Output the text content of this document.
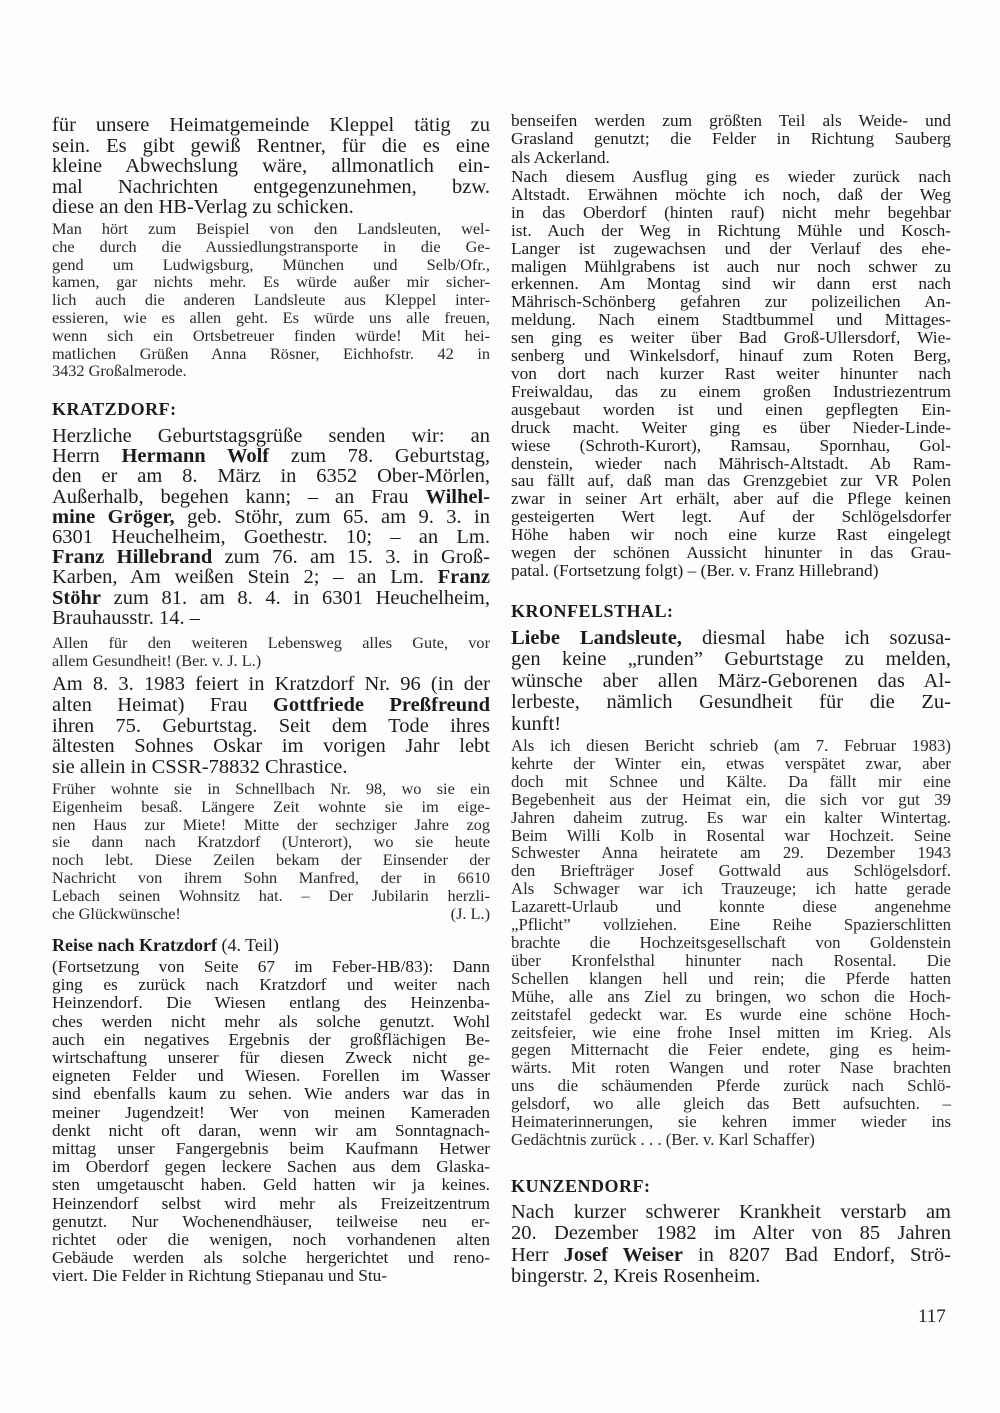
für unsere Heimatgemeinde Kleppel tätig zu
sein. Es gibt gewiß Rentner, für die es eine
kleine Abwechslung wäre, allmonatlich ein-
mal Nachrichten entgegenzunehmen, bzw.
diese an den HB-Verlag zu schicken.
Man hört zum Beispiel von den Landsleuten, wel-
che durch die Aussiedlungstransporte in die Ge-
gend um Ludwigsburg, München und Selb/Ofr.,
kamen, gar nichts mehr. Es würde außer mir sicher-
lich auch die anderen Landsleute aus Kleppel inter-
essieren, wie es allen geht. Es würde uns alle freuen,
wenn sich ein Ortsbetreuer finden würde! Mit hei-
matlichen Grüßen Anna Rösner, Eichhofstr. 42 in
3432 Großalmerode.
KRATZDORF:
Herzliche Geburtstagsgrüße senden wir: an
Herrn Hermann Wolf zum 78. Geburtstag,
den er am 8. März in 6352 Ober-Mörlen,
Außerhalb, begehen kann; – an Frau Wilhel-
mine Gröger, geb. Stöhr, zum 65. am 9. 3. in
6301 Heuchelheim, Goethestr. 10; – an Lm.
Franz Hillebrand zum 76. am 15. 3. in Groß-
Karben, Am weißen Stein 2; – an Lm. Franz
Stöhr zum 81. am 8. 4. in 6301 Heuchelheim,
Brauhausstr. 14. –
Allen für den weiteren Lebensweg alles Gute, vor
allem Gesundheit! (Ber. v. J. L.)
Am 8. 3. 1983 feiert in Kratzdorf Nr. 96 (in der
alten Heimat) Frau Gottfriede Preßfreund
ihren 75. Geburtstag. Seit dem Tode ihres
ältesten Sohnes Oskar im vorigen Jahr lebt
sie allein in CSSR-78832 Chrastice.
Früher wohnte sie in Schnellbach Nr. 98, wo sie ein
Eigenheim besaß. Längere Zeit wohnte sie im eige-
nen Haus zur Miete! Mitte der sechziger Jahre zog
sie dann nach Kratzdorf (Unterort), wo sie heute
noch lebt. Diese Zeilen bekam der Einsender der
Nachricht von ihrem Sohn Manfred, der in 6610
Lebach seinen Wohnsitz hat. – Der Jubilarin herzli-
che Glückwünsche!	(J. L.)
Reise nach Kratzdorf (4. Teil)
(Fortsetzung von Seite 67 im Feber-HB/83): Dann
ging es zurück nach Kratzdorf und weiter nach
Heinzendorf. Die Wiesen entlang des Heinzenba-
ches werden nicht mehr als solche genutzt. Wohl
auch ein negatives Ergebnis der großflächigen Be-
wirtschaftung unserer für diesen Zweck nicht ge-
eigneten Felder und Wiesen. Forellen im Wasser
sind ebenfalls kaum zu sehen. Wie anders war das in
meiner Jugendzeit! Wer von meinen Kameraden
denkt nicht oft daran, wenn wir am Sonntagnach-
mittag unser Fangergebnis beim Kaufmann Hetwer
im Oberdorf gegen leckere Sachen aus dem Glaska-
sten umgetauscht haben. Geld hatten wir ja keines.
Heinzendorf selbst wird mehr als Freizeitzentrum
genutzt. Nur Wochenendhäuser, teilweise neu er-
richtet oder die wenigen, noch vorhandenen alten
Gebäude werden als solche hergerichtet und reno-
viert. Die Felder in Richtung Stiepanau und Stu-
benseifen werden zum größten Teil als Weide- und
Grasland genutzt; die Felder in Richtung Sauberg
als Ackerland.
Nach diesem Ausflug ging es wieder zurück nach
Altstadt. Erwähnen möchte ich noch, daß der Weg
in das Oberdorf (hinten rauf) nicht mehr begehbar
ist. Auch der Weg in Richtung Mühle und Kosch-
Langer ist zugewachsen und der Verlauf des ehe-
maligen Mühlgrabens ist auch nur noch schwer zu
erkennen. Am Montag sind wir dann erst nach
Mährisch-Schönberg gefahren zur polizeilichen An-
meldung. Nach einem Stadtbummel und Mittages-
sen ging es weiter über Bad Groß-Ullersdorf, Wie-
senberg und Winkelsdorf, hinauf zum Roten Berg,
von dort nach kurzer Rast weiter hinunter nach
Freiwaldau, das zu einem großen Industriezentrum
ausgebaut worden ist und einen gepflegten Ein-
druck macht. Weiter ging es über Nieder-Linde-
wiese (Schroth-Kurort), Ramsau, Spornhau, Gol-
denstein, wieder nach Mährisch-Altstadt. Ab Ram-
sau fällt auf, daß man das Grenzgebiet zur VR Polen
zwar in seiner Art erhält, aber auf die Pflege keinen
gesteigerten Wert legt. Auf der Schlögelsdorfer
Höhe haben wir noch eine kurze Rast eingelegt
wegen der schönen Aussicht hinunter in das Grau-
patal. (Fortsetzung folgt) – (Ber. v. Franz Hillebrand)
KRONFELSTHAL:
Liebe Landsleute, diesmal habe ich sozusa-
gen keine „runden” Geburtstage zu melden,
wünsche aber allen März-Geborenen das Al-
lerbeste, nämlich Gesundheit für die Zu-
kunft!
Als ich diesen Bericht schrieb (am 7. Februar 1983)
kehrte der Winter ein, etwas verspätet zwar, aber
doch mit Schnee und Kälte. Da fällt mir eine
Begebenheit aus der Heimat ein, die sich vor gut 39
Jahren daheim zutrug. Es war ein kalter Wintertag.
Beim Willi Kolb in Rosental war Hochzeit. Seine
Schwester Anna heiratete am 29. Dezember 1943
den Briefträger Josef Gottwald aus Schlögelsdorf.
Als Schwager war ich Trauzeuge; ich hatte gerade
Lazarett-Urlaub und konnte diese angenehme
„Pflicht” vollziehen. Eine Reihe Spazierschlitten
brachte die Hochzeitsgesellschaft von Goldenstein
über Kronfelsthal hinunter nach Rosental. Die
Schellen klangen hell und rein; die Pferde hatten
Mühe, alle ans Ziel zu bringen, wo schon die Hoch-
zeitstafel gedeckt war. Es wurde eine schöne Hoch-
zeitsfeier, wie eine frohe Insel mitten im Krieg. Als
gegen Mitternacht die Feier endete, ging es heim-
wärts. Mit roten Wangen und roter Nase brachten
uns die schäumenden Pferde zurück nach Schlö-
gelsdorf, wo alle gleich das Bett aufsuchten. –
Heimaterinnerungen, sie kehren immer wieder ins
Gedächtnis zurück . . . (Ber. v. Karl Schaffer)
KUNZENDORF:
Nach kurzer schwerer Krankheit verstarb am
20. Dezember 1982 im Alter von 85 Jahren
Herr Josef Weiser in 8207 Bad Endorf, Strö-
bingerstr. 2, Kreis Rosenheim.
117
